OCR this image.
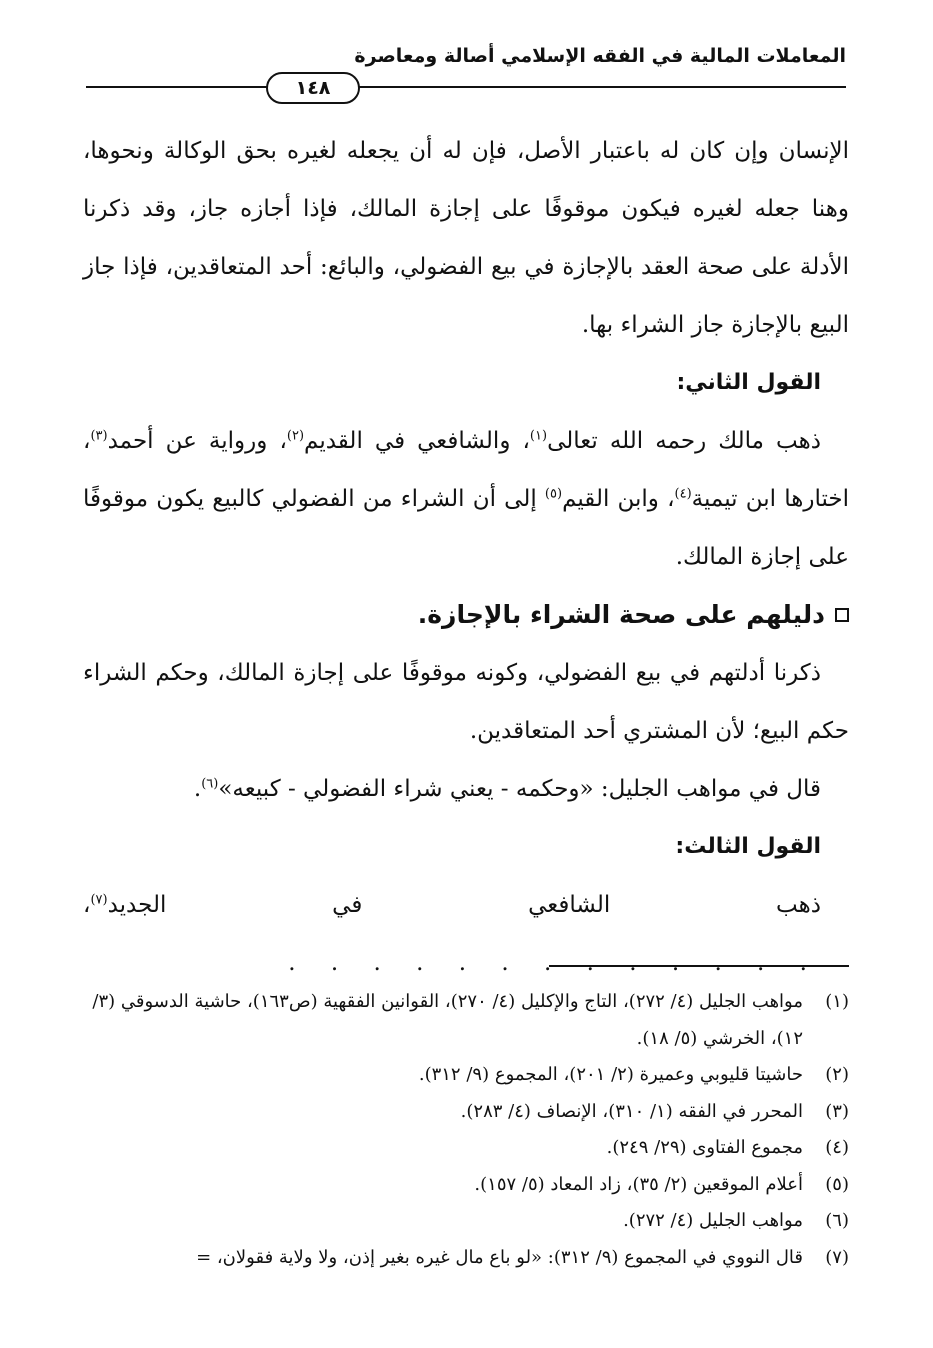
المعاملات المالية في الفقه الإسلامي أصالة ومعاصرة
١٤٨

الإنسان وإن كان له باعتبار الأصل، فإن له أن يجعله لغيره بحق الوكالة ونحوها، وهنا جعله لغيره فيكون موقوفًا على إجازة المالك، فإذا أجازه جاز، وقد ذكرنا الأدلة على صحة العقد بالإجازة في بيع الفضولي، والبائع: أحد المتعاقدين، فإذا جاز البيع بالإجازة جاز الشراء بها.

القول الثاني:

ذهب مالك رحمه الله تعالى$^{(١)}$، والشافعي في القديم$^{(٢)}$، ورواية عن أحمد$^{(٣)}$، اختارها ابن تيمية$^{(٤)}$، وابن القيم$^{(٥)}$ إلى أن الشراء من الفضولي كالبيع يكون موقوفًا على إجازة المالك.

دليلهم على صحة الشراء بالإجازة.

ذكرنا أدلتهم في بيع الفضولي، وكونه موقوفًا على إجازة المالك، وحكم الشراء حكم البيع؛ لأن المشتري أحد المتعاقدين.

قال في مواهب الجليل: «وحكمه - يعني شراء الفضولي - كبيعه»$^{(٦)}$.

القول الثالث:

ذهب الشافعي في الجديد$^{(٧)}$، . . . . . . . . . . . . .

(١)
مواهب الجليل (٤/ ٢٧٢)، التاج والإكليل (٤/ ٢٧٠)، القوانين الفقهية (ص١٦٣)، حاشية الدسوقي (٣/ ١٢)، الخرشي (٥/ ١٨).
(٢)
حاشيتا قليوبي وعميرة (٢/ ٢٠١)، المجموع (٩/ ٣١٢).
(٣)
المحرر في الفقه (١/ ٣١٠)، الإنصاف (٤/ ٢٨٣).
(٤)
مجموع الفتاوى (٢٩/ ٢٤٩).
(٥)
أعلام الموقعين (٢/ ٣٥)، زاد المعاد (٥/ ١٥٧).
(٦)
مواهب الجليل (٤/ ٢٧٢).
(٧)
قال النووي في المجموع (٩/ ٣١٢): «لو باع مال غيره بغير إذن، ولا ولاية فقولان، =
